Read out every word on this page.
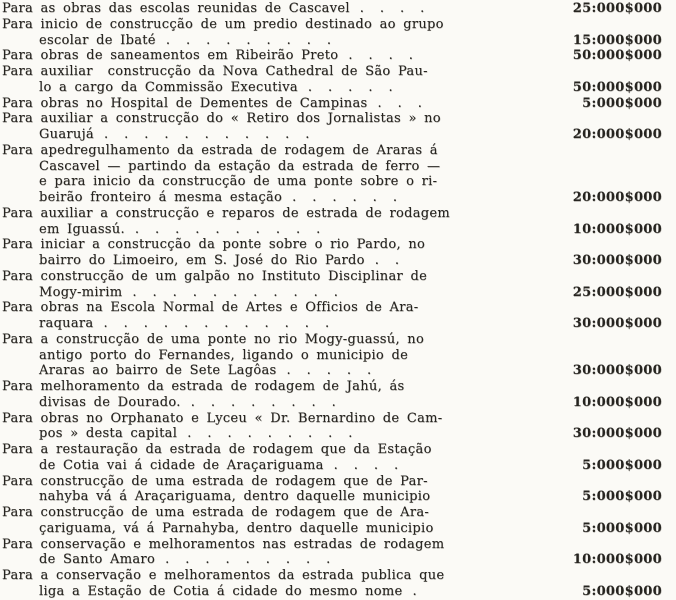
Para as obras das escolas reunidas de Cascavel ....	25:000$000
Para inicio de construcção de um predio destinado ao grupo
escolar de Ibaté .........	15:000$000
Para obras de saneamentos em Ribeirão Preto ....	50:000$000
Para auxiliar  construcção da Nova Cathedral de São Pau-
lo a cargo da Commissão Executiva .....	50:000$000
Para obras no Hospital de Dementes de Campinas ...	5:000$000
Para auxiliar a construcção do « Retiro dos Jornalistas » no
Guarujá ...........	20:000$000
Para apedregulhamento da estrada de rodagem de Araras á
Cascavel — partindo da estação da estrada de ferro —
e para inicio da construcção de uma ponte sobre o ri-
beirão fronteiro á mesma estação ......	20:000$000
Para auxiliar a construcção e reparos de estrada de rodagem
em Iguassú. ..........	10:000$000
Para iniciar a construcção da ponte sobre o rio Pardo, no
bairro do Limoeiro, em S. José do Rio Pardo ..	30:000$000
Para construcção de um galpão no Instituto Disciplinar de
Mogy-mirim ...........	25:000$000
Para obras na Escola Normal de Artes e Officios de Ara-
raquara ............	30:000$000
Para a construcção de uma ponte no rio Mogy-guassú, no
antigo porto do Fernandes, ligando o municipio de
Araras ao bairro de Sete Lagôas .....	30:000$000
Para melhoramento da estrada de rodagem de Jahú, ás
divisas de Dourado. ........	10:000$000
Para obras no Orphanato e Lyceu « Dr. Bernardino de Cam-
pos » desta capital .........	30:000$000
Para a restauração da estrada de rodagem que da Estação
de Cotia vai á cidade de Araçariguama ....	5:000$000
Para construcção de uma estrada de rodagem que de Par-
nahyba vá á Araçariguama, dentro daquelle municipio	5:000$000
Para construcção de uma estrada de rodagem que de Ara-
çariguama, vá á Parnahyba, dentro daquelle municipio	5:000$000
Para conservação e melhoramentos nas estradas de rodagem
de Santo Amaro .........	10:000$000
Para a conservação e melhoramentos da estrada publica que
liga a Estação de Cotia á cidade do mesmo nome .	5:000$000
